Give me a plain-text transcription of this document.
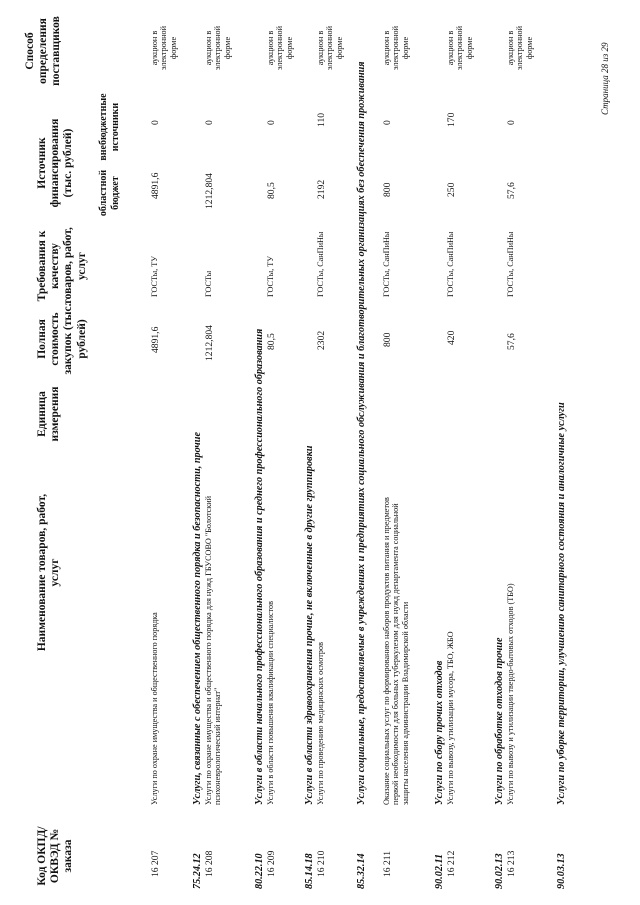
Код ОКПД/ ОКВЭД № заказа
Наименование товаров, работ, услуг
Единица измерения
Полная стоимость закупок (тыс. рублей)
Требования к качеству товаров, работ, услуг
Источник финансирования (тыс. рублей) областной бюджет
внебюджетные источники
Способ определения поставщиков
16 207
Услуги по охране имущества и общественного порядка
4891,6
ГОСТы, ТУ
4891,6
0
аукцион в электронной форме
75.24.12
Услуги, связанные с обеспечением общественного порядка и безопасности, прочие
16 208
Услуги по охране имущества и общественного порядка для нужд ГБУСОВО "Болотский психоневрологический интернат"
1212,804
ГОСТы
1212,804
0
аукцион в электронной форме
80.22.10
Услуги в области начального профессионального образования и среднего профессионального образования
16 209
Услуги в области повышения квалификации специалистов
80,5
ГОСТы, ТУ
80,5
0
аукцион в электронной форме
85.14.18
Услуги в области здравоохранения прочие, не включенные в другие группировки
16 210
Услуги по проведению медицинских осмотров
2302
ГОСТы, СанПиНы
2192
110
аукцион в электронной форме
85.32.14
Услуги социальные, предоставляемые в учреждениях и предприятиях социального обслуживания и благотворительных организациях без обеспечения проживания
16 211
Оказание социальных услуг по формированию наборов продуктов питания и предметов первой необходимости для больных туберкулезом для нужд департамента социальной защиты населения администрации Владимирской области
800
ГОСТы, СанПиНы
800
0
аукцион в электронной форме
90.02.11
Услуги по сбору прочих отходов
16 212
Услуги по вывозу, утилизации мусора, ТБО, ЖБО
420
ГОСТы, СанПиНы
250
170
аукцион в электронной форме
90.02.13
Услуги по обработке отходов прочие
16 213
Услуги по вывозу и утилизации твердо-бытовых отходов (ТБО)
57,6
ГОСТы, СанПиНы
57,6
0
аукцион в электронной форме
90.03.13
Услуги по уборке территории, улучшению санитарного состояния и аналогичные услуги
Страница 28 из 29
